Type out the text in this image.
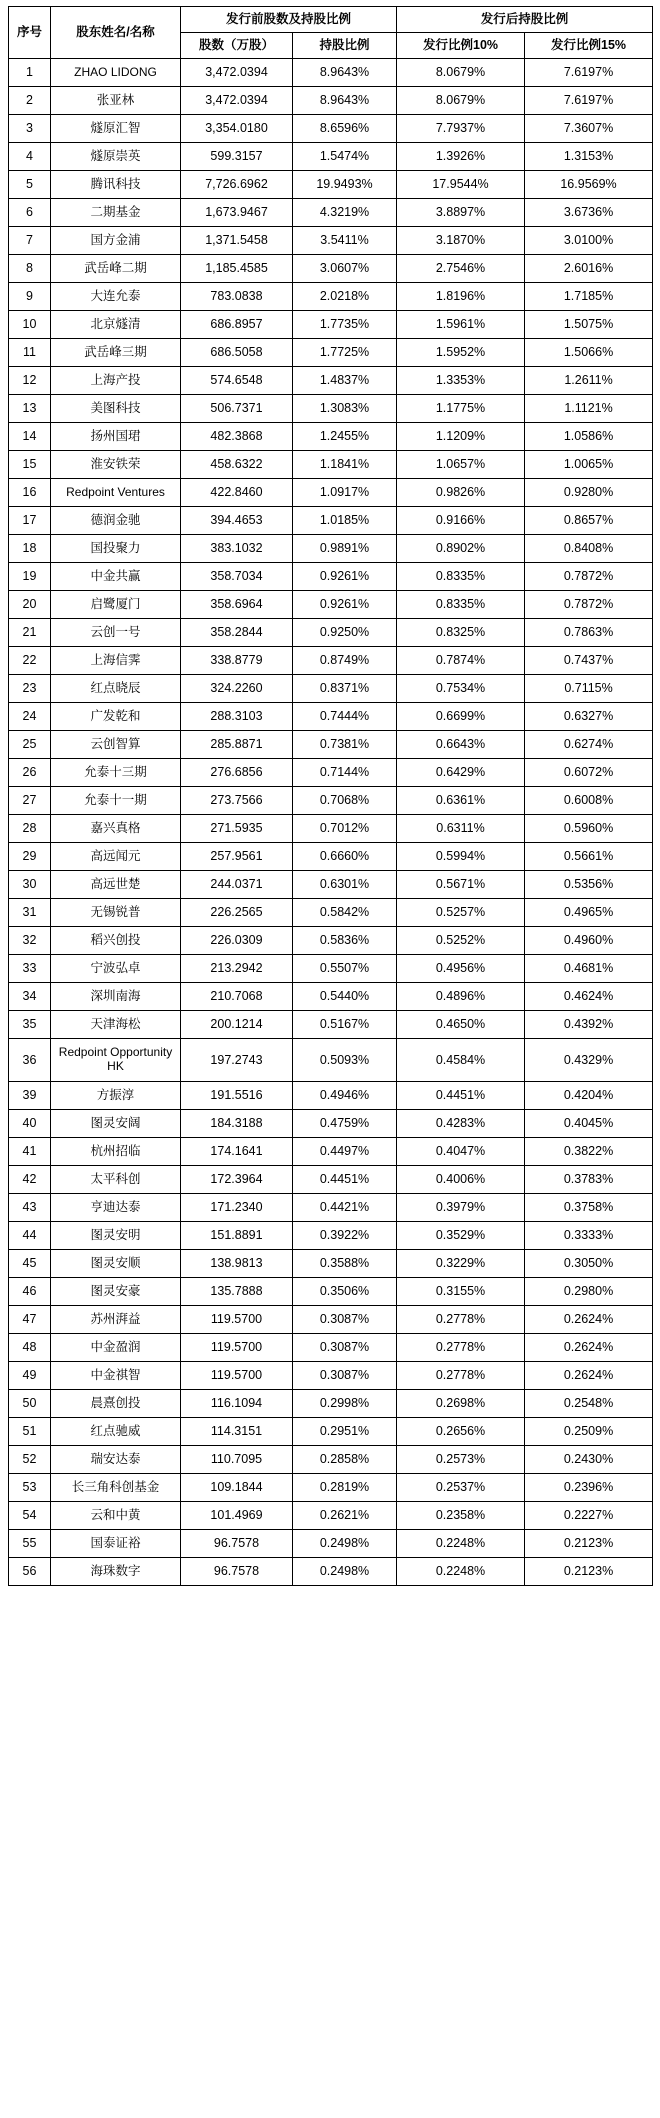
序号	股东姓名/名称	发行前股数及持股比例		发行后持股比例	
		股数（万股）	持股比例	发行比例10%	发行比例15%
1	ZHAO LIDONG	3,472.0394	8.9643%	8.0679%	7.6197%
2	张亚林	3,472.0394	8.9643%	8.0679%	7.6197%
3	燧原汇智	3,354.0180	8.6596%	7.7937%	7.3607%
4	燧原崇英	599.3157	1.5474%	1.3926%	1.3153%
5	腾讯科技	7,726.6962	19.9493%	17.9544%	16.9569%
6	二期基金	1,673.9467	4.3219%	3.8897%	3.6736%
7	国方金浦	1,371.5458	3.5411%	3.1870%	3.0100%
8	武岳峰二期	1,185.4585	3.0607%	2.7546%	2.6016%
9	大连允泰	783.0838	2.0218%	1.8196%	1.7185%
10	北京燧清	686.8957	1.7735%	1.5961%	1.5075%
11	武岳峰三期	686.5058	1.7725%	1.5952%	1.5066%
12	上海产投	574.6548	1.4837%	1.3353%	1.2611%
13	美图科技	506.7371	1.3083%	1.1775%	1.1121%
14	扬州国珺	482.3868	1.2455%	1.1209%	1.0586%
15	淮安铁荣	458.6322	1.1841%	1.0657%	1.0065%
16	Redpoint Ventures	422.8460	1.0917%	0.9826%	0.9280%
17	德润金驰	394.4653	1.0185%	0.9166%	0.8657%
18	国投聚力	383.1032	0.9891%	0.8902%	0.8408%
19	中金共赢	358.7034	0.9261%	0.8335%	0.7872%
20	启鹭厦门	358.6964	0.9261%	0.8335%	0.7872%
21	云创一号	358.2844	0.9250%	0.8325%	0.7863%
22	上海信霁	338.8779	0.8749%	0.7874%	0.7437%
23	红点晓辰	324.2260	0.8371%	0.7534%	0.7115%
24	广发乾和	288.3103	0.7444%	0.6699%	0.6327%
25	云创智算	285.8871	0.7381%	0.6643%	0.6274%
26	允泰十三期	276.6856	0.7144%	0.6429%	0.6072%
27	允泰十一期	273.7566	0.7068%	0.6361%	0.6008%
28	嘉兴真格	271.5935	0.7012%	0.6311%	0.5960%
29	高远闻元	257.9561	0.6660%	0.5994%	0.5661%
30	高远世楚	244.0371	0.6301%	0.5671%	0.5356%
31	无锡锐普	226.2565	0.5842%	0.5257%	0.4965%
32	稻兴创投	226.0309	0.5836%	0.5252%	0.4960%
33	宁波弘卓	213.2942	0.5507%	0.4956%	0.4681%
34	深圳南海	210.7068	0.5440%	0.4896%	0.4624%
35	天津海松	200.1214	0.5167%	0.4650%	0.4392%
36	Redpoint Opportunity HK	197.2743	0.5093%	0.4584%	0.4329%
39	方振淳	191.5516	0.4946%	0.4451%	0.4204%
40	图灵安阔	184.3188	0.4759%	0.4283%	0.4045%
41	杭州招临	174.1641	0.4497%	0.4047%	0.3822%
42	太平科创	172.3964	0.4451%	0.4006%	0.3783%
43	亨迪达泰	171.2340	0.4421%	0.3979%	0.3758%
44	图灵安明	151.8891	0.3922%	0.3529%	0.3333%
45	图灵安顺	138.9813	0.3588%	0.3229%	0.3050%
46	图灵安豪	135.7888	0.3506%	0.3155%	0.2980%
47	苏州湃益	119.5700	0.3087%	0.2778%	0.2624%
48	中金盈润	119.5700	0.3087%	0.2778%	0.2624%
49	中金祺智	119.5700	0.3087%	0.2778%	0.2624%
50	晨熹创投	116.1094	0.2998%	0.2698%	0.2548%
51	红点驰威	114.3151	0.2951%	0.2656%	0.2509%
52	瑞安达泰	110.7095	0.2858%	0.2573%	0.2430%
53	长三角科创基金	109.1844	0.2819%	0.2537%	0.2396%
54	云和中黄	101.4969	0.2621%	0.2358%	0.2227%
55	国泰证裕	96.7578	0.2498%	0.2248%	0.2123%
56	海珠数字	96.7578	0.2498%	0.2248%	0.2123%
